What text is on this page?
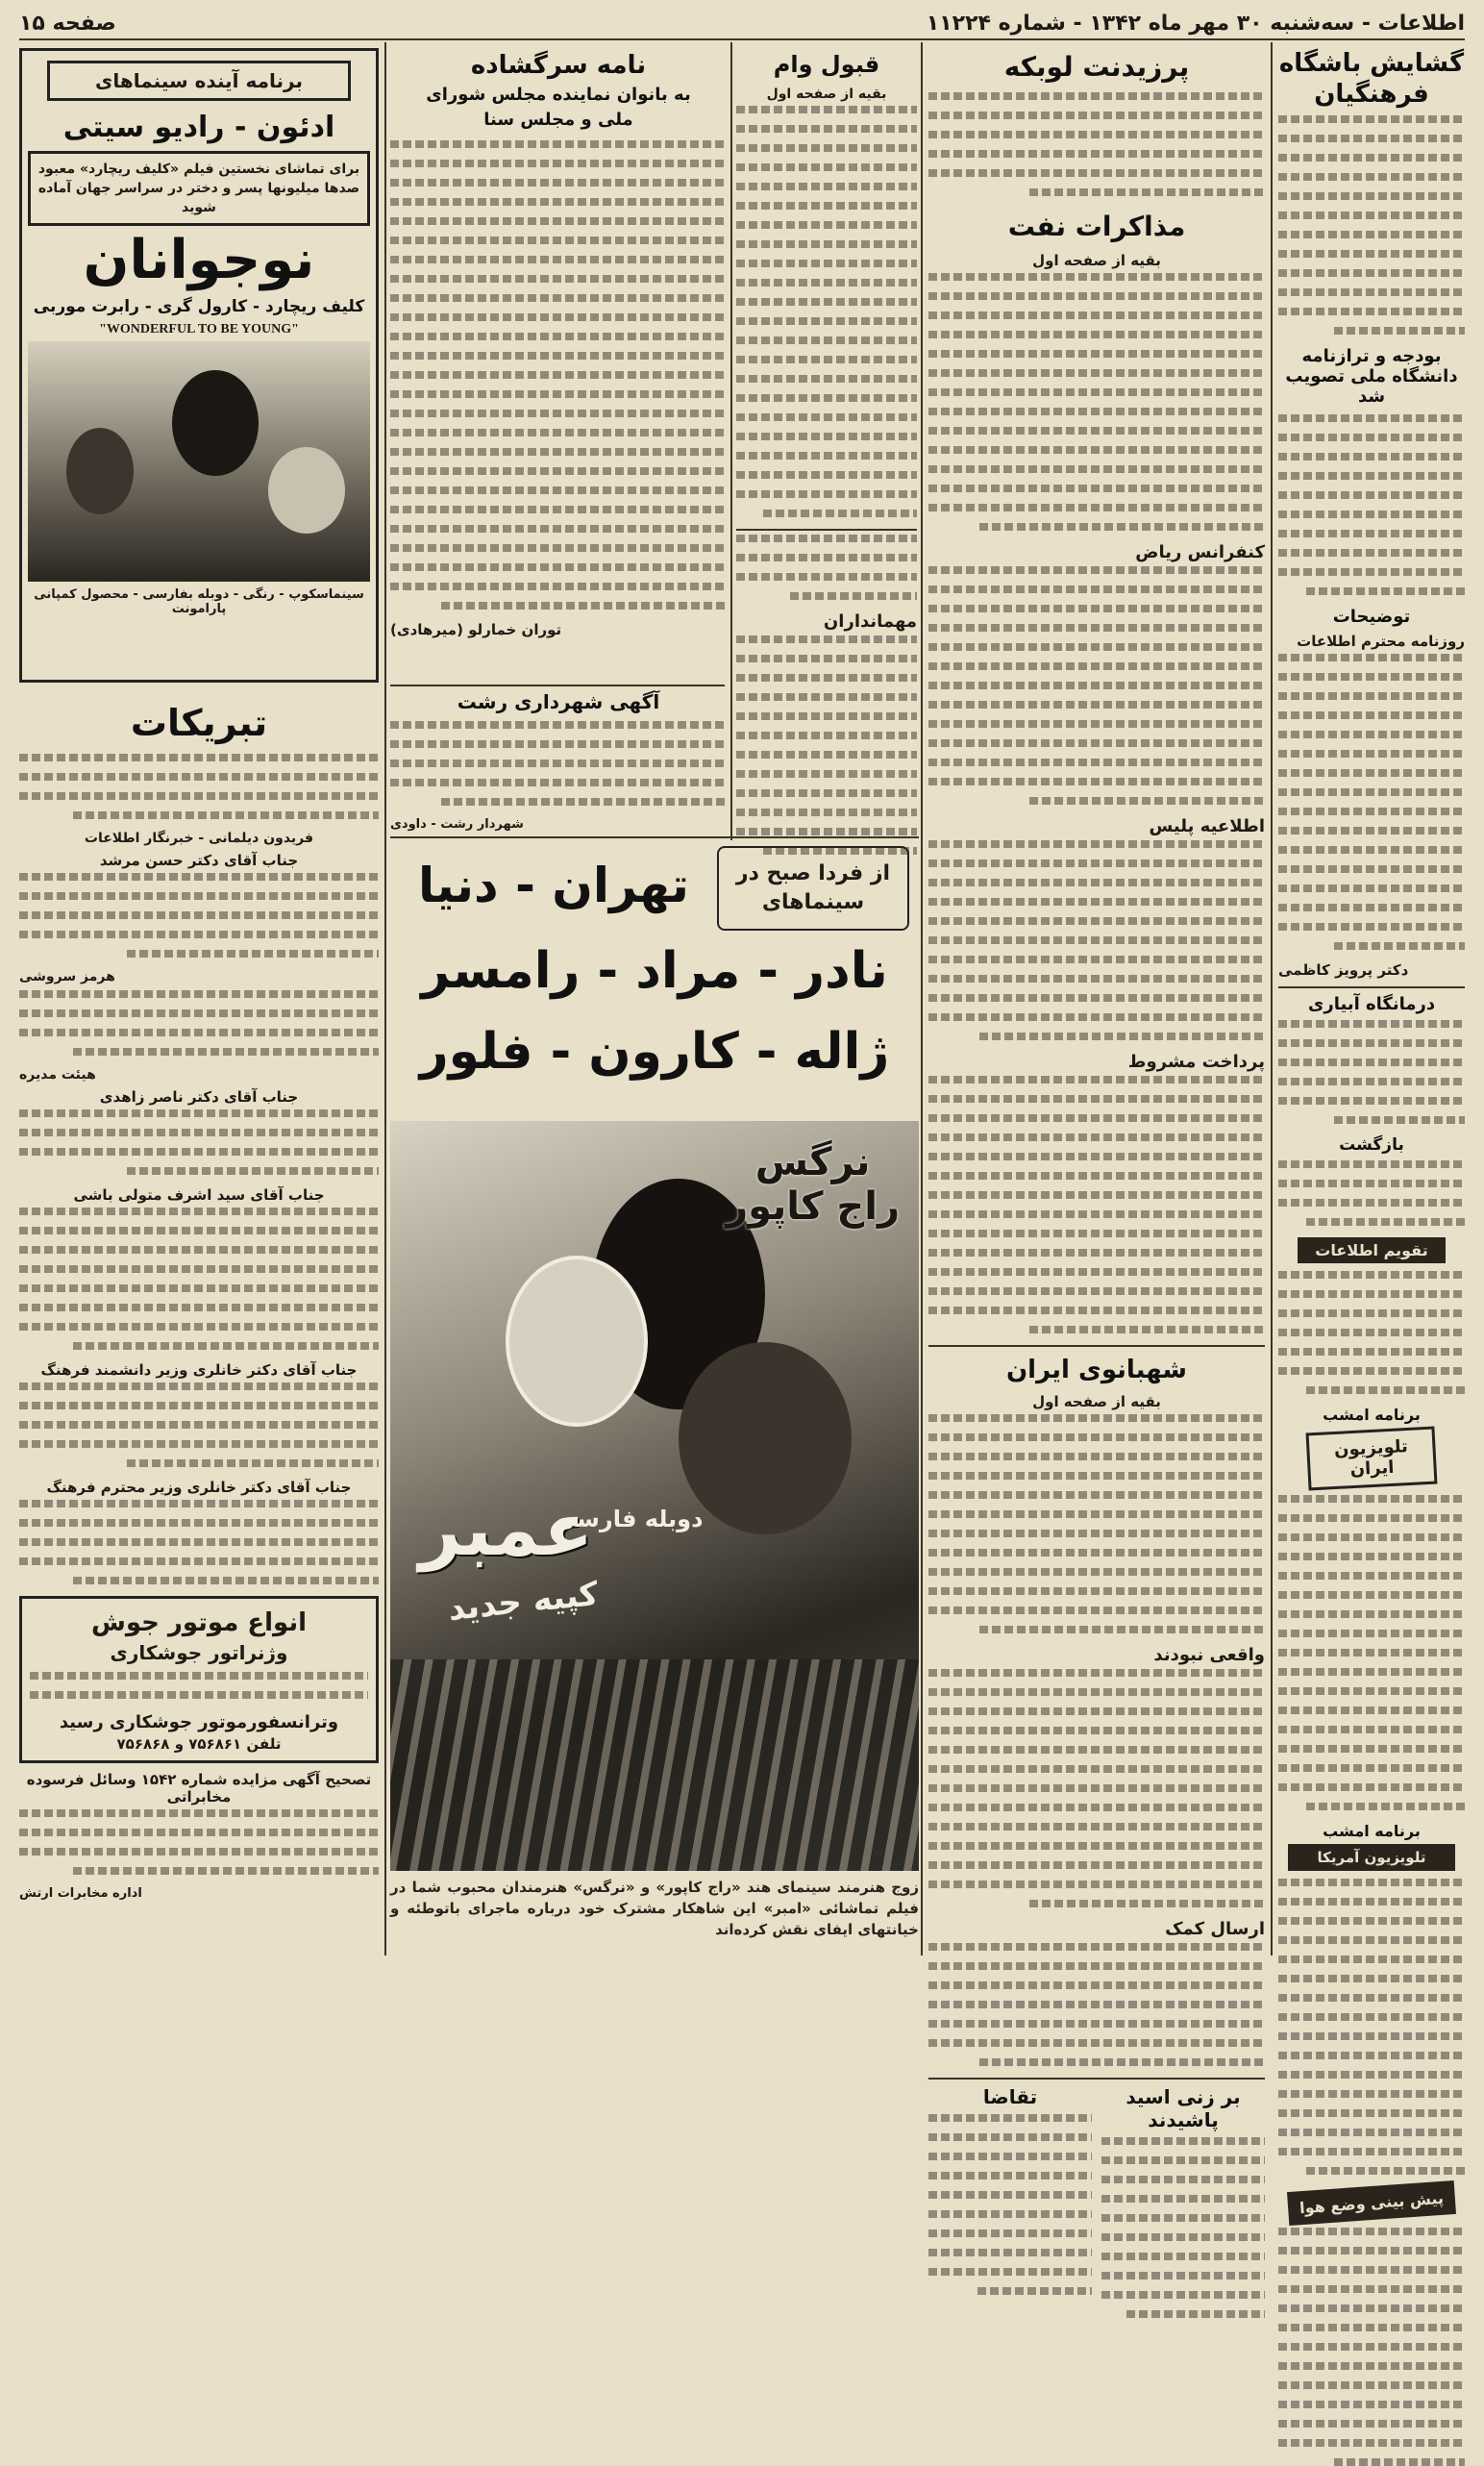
اطلاعات - سه‌شنبه ۳۰ مهر ماه ۱۳۴۲ - شماره ۱۱۲۲۴
صفحه ۱۵
گشایش باشگاه فرهنگیان
بودجه و ترازنامه دانشگاه ملی تصویب شد
توضیحات
روزنامه محترم اطلاعات
دکتر پرویز کاظمی
درمانگاه آبیاری
بازگشت
تقویم اطلاعات
برنامه امشب
تلویزیون ایران
برنامه امشب
تلویزیون آمریکا
پیش بینی وضع هوا
پرزیدنت لوبکه
مذاکرات نفت
بقیه از صفحه اول
کنفرانس ریاض
اطلاعیه پلیس
پرداخت مشروط
شهبانوی ایران
بقیه از صفحه اول
واقعی نبودند
ارسال کمک
بر زنی اسید پاشیدند
تقاضا
قبول وام
بقیه از صفحه اول
مهمانداران
نامه سرگشاده
به بانوان نماینده مجلس شورای ملی و مجلس سنا
توران خمارلو (میرهادی)
آگهی شهرداری رشت
شهردار رشت - داودی
از فردا صبح در سینماهای
تهران - دنیا
نادر - مراد - رامسر
ژاله - کارون - فلور
نرگس
راج کاپور
عمبر
دوبله فارسی
کپیه جدید
زوج هنرمند سینمای هند «راج کاپور» و «نرگس» هنرمندان محبوب شما در فیلم تماشائی «امبر» این شاهکار مشترک خود درباره ماجرای باتوطئه و خیانتهای ایفای نقش کرده‌اند
برنامه آینده سینماهای
ادئون - رادیو سیتی
برای تماشای نخستین فیلم «کلیف ریچارد» معبود صدها میلیونها پسر و دختر در سراسر جهان آماده شوید
نوجوانان
کلیف ریچارد - کارول گری - رابرت موربی
"WONDERFUL TO BE YOUNG"
سینماسکوپ - رنگی - دوبله بفارسی - محصول کمپانی پارامونت
تبریکات
فریدون دیلمانی - خبرنگار اطلاعات
جناب آقای دکتر حسن مرشد
هرمز سروشی
هیئت مدیره
جناب آقای دکتر ناصر زاهدی
جناب آقای سید اشرف متولی باشی
جناب آقای دکتر خانلری وزیر دانشمند فرهنگ
جناب آقای دکتر خانلری وزیر محترم فرهنگ
انواع موتور جوش
وژنراتور جوشکاری
وترانسفورموتور جوشکاری رسید
تلفن ۷۵۶۸۶۱ و ۷۵۶۸۶۸
تصحیح آگهی مزایده شماره ۱۵۴۲ وسائل فرسوده مخابراتی
اداره مخابرات ارتش
